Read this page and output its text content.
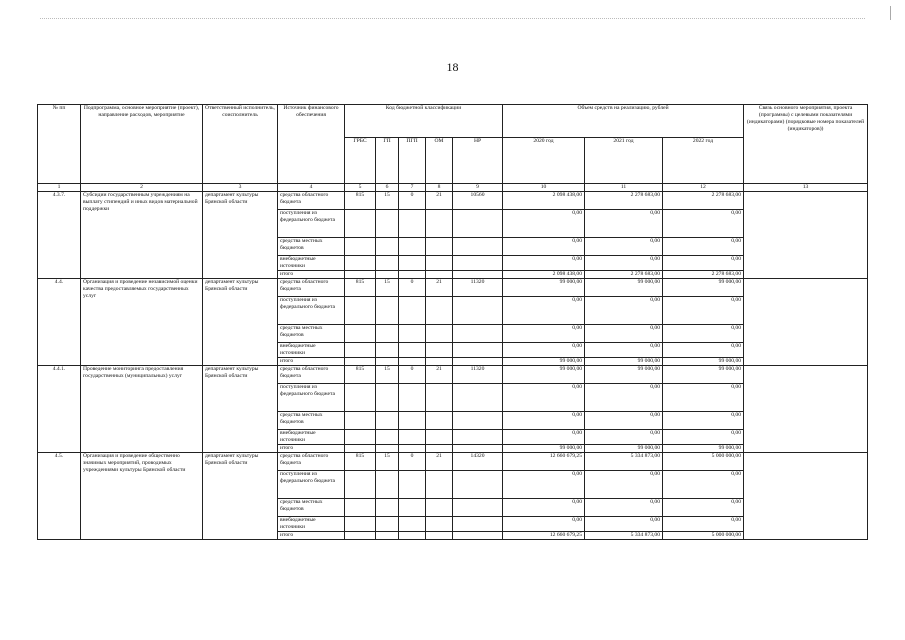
18
№ пп	Подпрограмма, основное мероприятие (проект), направление расходов, мероприятие	Ответственный исполнитель, соисполнитель	Источник финансового обеспечения	Код бюджетной классификации					Объем средств на реализацию, рублей			Связь основного мероприятия, проекта (программы) с целевыми показателями (индикаторами) (порядковые номера показателей (индикаторов))
				ГРБС	ГП	ПГП	ОМ	НР	2020 год	2021 год	2022 год	
1	2	3	4	5	6	7	8	9	10	11	12	13
4.3.7.	Субсидии государственным учреждениям на выплату стипендий и иных видов материальной поддержки	департамент культуры Брянской области	средства областного бюджета	815	15	0	21	10560	2 098 438,00	2 278 683,00	2 278 683,00	
			поступления из федерального бюджета						0,00	0,00	0,00	
			средства местных бюджетов						0,00	0,00	0,00	
			внебюджетные источники						0,00	0,00	0,00	
			итого						2 098 438,00	2 278 683,00	2 278 683,00	
4.4.	Организация и проведение независимой оценки качества предоставляемых государственных услуг	департамент культуры Брянской области	средства областного бюджета	815	15	0	21	11320	99 000,00	99 000,00	99 000,00	
			поступления из федерального бюджета						0,00	0,00	0,00	
			средства местных бюджетов						0,00	0,00	0,00	
			внебюджетные источники						0,00	0,00	0,00	
			итого						99 000,00	99 000,00	99 000,00	
4.4.1.	Проведение мониторинга предоставления государственных (муниципальных) услуг	департамент культуры Брянской области	средства областного бюджета	815	15	0	21	11320	99 000,00	99 000,00	99 000,00	
			поступления из федерального бюджета						0,00	0,00	0,00	
			средства местных бюджетов						0,00	0,00	0,00	
			внебюджетные источники						0,00	0,00	0,00	
			итого						99 000,00	99 000,00	99 000,00	
4.5.	Организация и проведение общественно значимых мероприятий, проводимых учреждениями культуры Брянской области	департамент культуры Брянской области	средства областного бюджета	815	15	0	21	14320	12 660 679,25	5 334 873,00	5 000 000,00	
			поступления из федерального бюджета						0,00	0,00	0,00	
			средства местных бюджетов						0,00	0,00	0,00	
			внебюджетные источники						0,00	0,00	0,00	
			итого						12 660 679,25	5 334 873,00	5 000 000,00	
